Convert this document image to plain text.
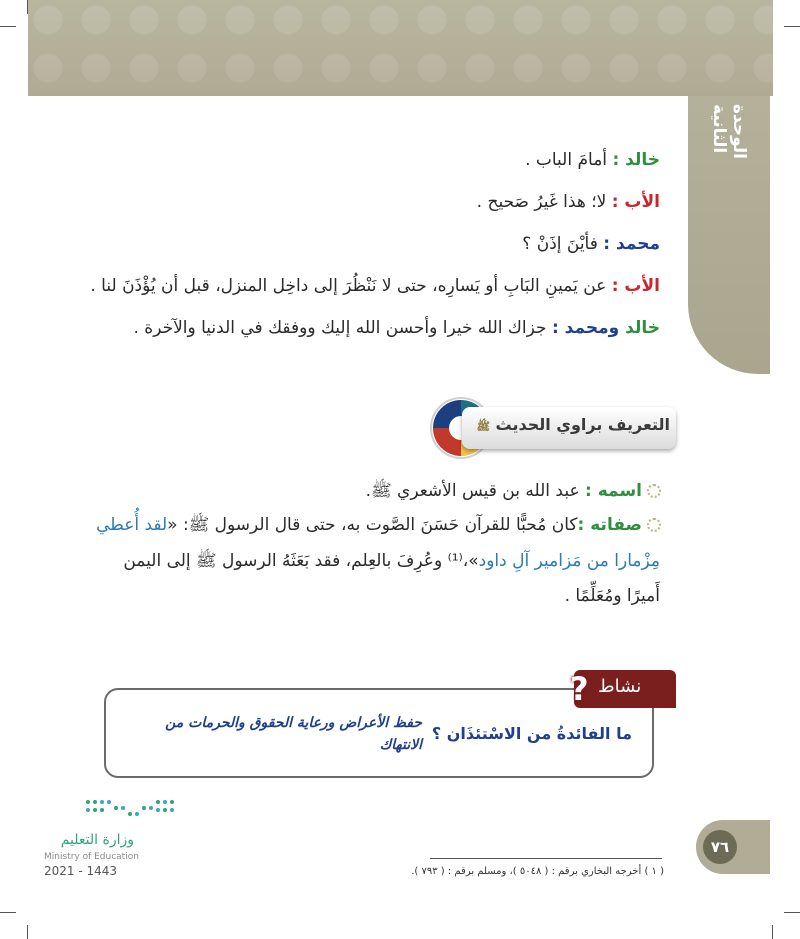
الوحدة الثانية
خالد : أمامَ الباب .
الأب : لا؛ هذا غَيرُ صَحيح .
محمد : فأيْنَ إذَنْ ؟
الأب : عن يَمينِ البَابِ أو يَسارِه، حتى لا نَنْظُرَ إلى داخِل المنزل، قبل أن يُؤْذَنَ لنا .
خالد ومحمد : جزاك الله خيرا وأحسن الله إليك ووفقك في الدنيا والآخرة .
التعريف براوي الحديث ﷺ
اسمه : عبد الله بن قيس الأشعري ﷺ.
صفاته :كان مُحبًّا للقرآن حَسَنَ الصَّوت به، حتى قال الرسول ﷺ: «لقد أُعطي
مِزْمارا من مَزامير آلِ داود»،⁽¹⁾ وعُرِفَ بالعِلم، فقد بَعَثَهُ الرسول ﷺ إلى اليمن
أَميرًا ومُعَلِّمًا .
? نشاط
ما الفائدةُ من الاسْتئذَان ؟
حفظ الأعراض ورعاية الحقوق والحرمات من
الانتهاك
٧٦
( ١ ) أخرجه البخاري برقم : ( ٥٠٤٨ )، ومسلم برقم : ( ٧٩٣ ).
وزارة التعليم
Ministry of Education
2021 - 1443
